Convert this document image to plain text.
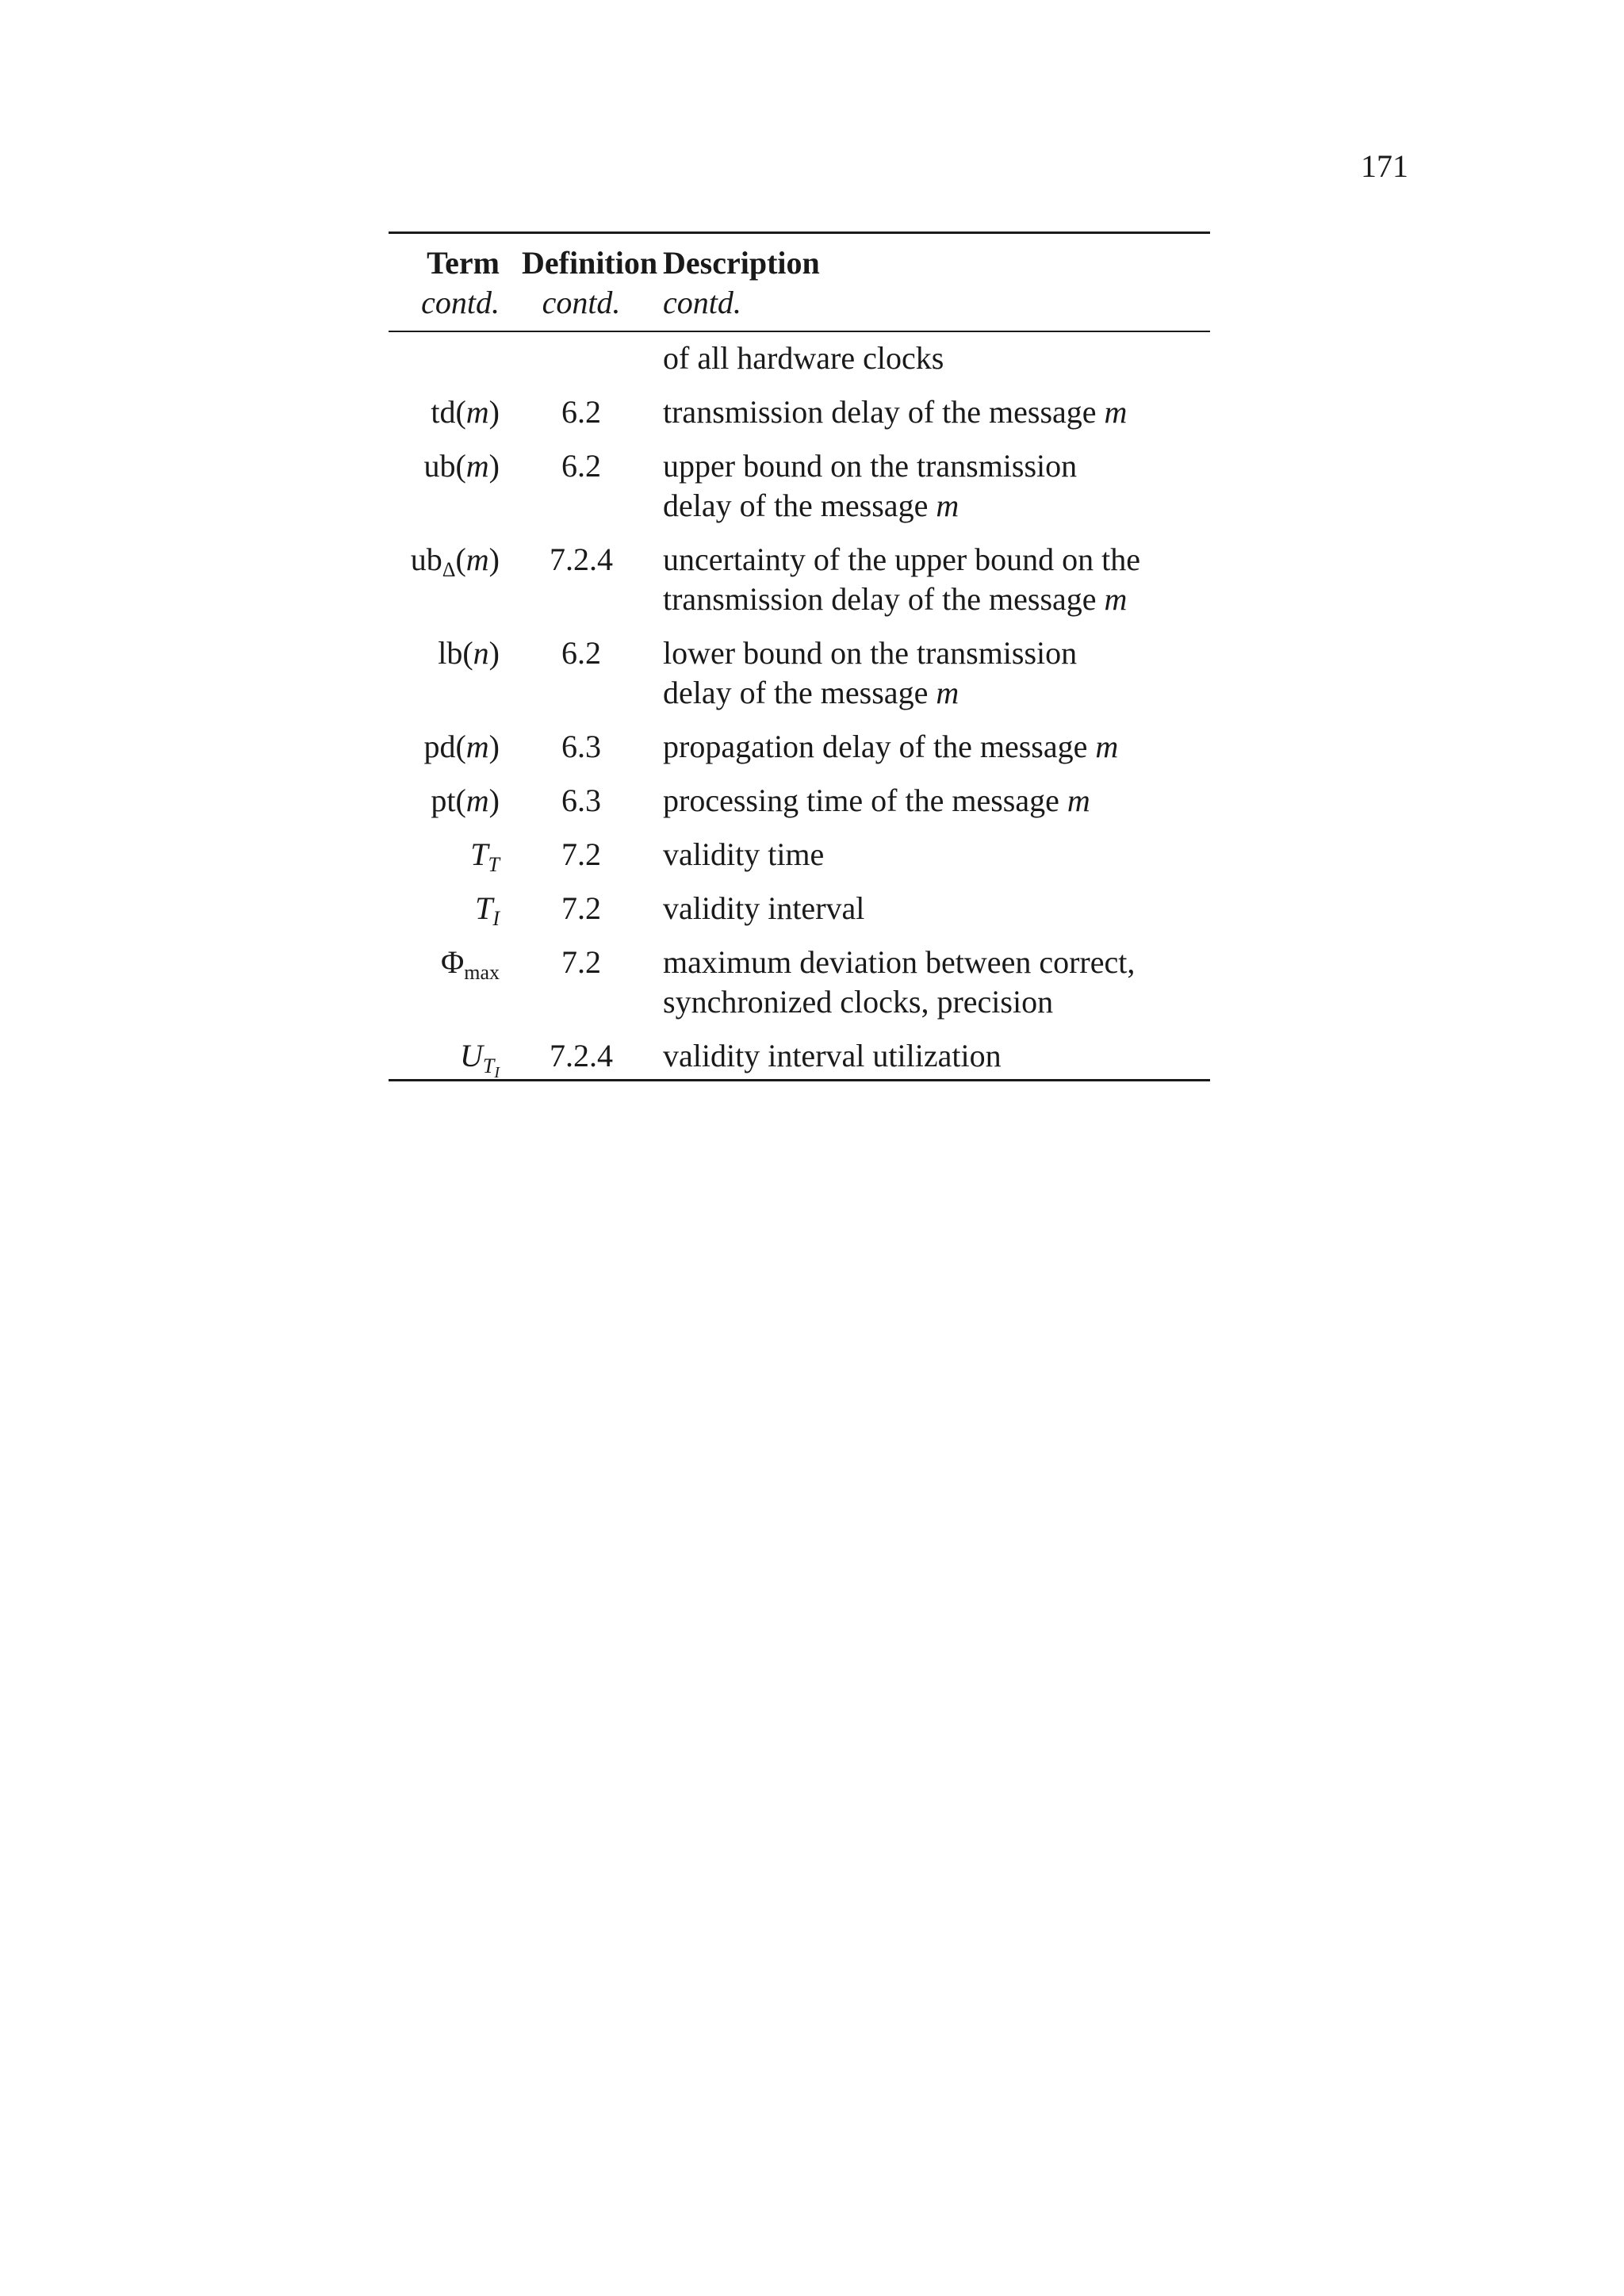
171
Term Definition Description
contd.	contd.	contd.
of all hardware clocks
td(m)	6.2	transmission delay of the message m
ub(m)	6.2	upper bound on the transmission
delay of the message m
$ub_\Delta(m)$	7.2.4	uncertainty of the upper bound on the
transmission delay of the message m
lb(n)	6.2	lower bound on the transmission
delay of the message m
pd(m)	6.3	propagation delay of the message m
pt(m)	6.3	processing time of the message m
$T_T$	7.2	validity time
$T_I$	7.2	validity interval
$\Phi_{max}$	7.2	maximum deviation between correct,
synchronized clocks, precision
$U_{T_I}$	7.2.4	validity interval utilization
